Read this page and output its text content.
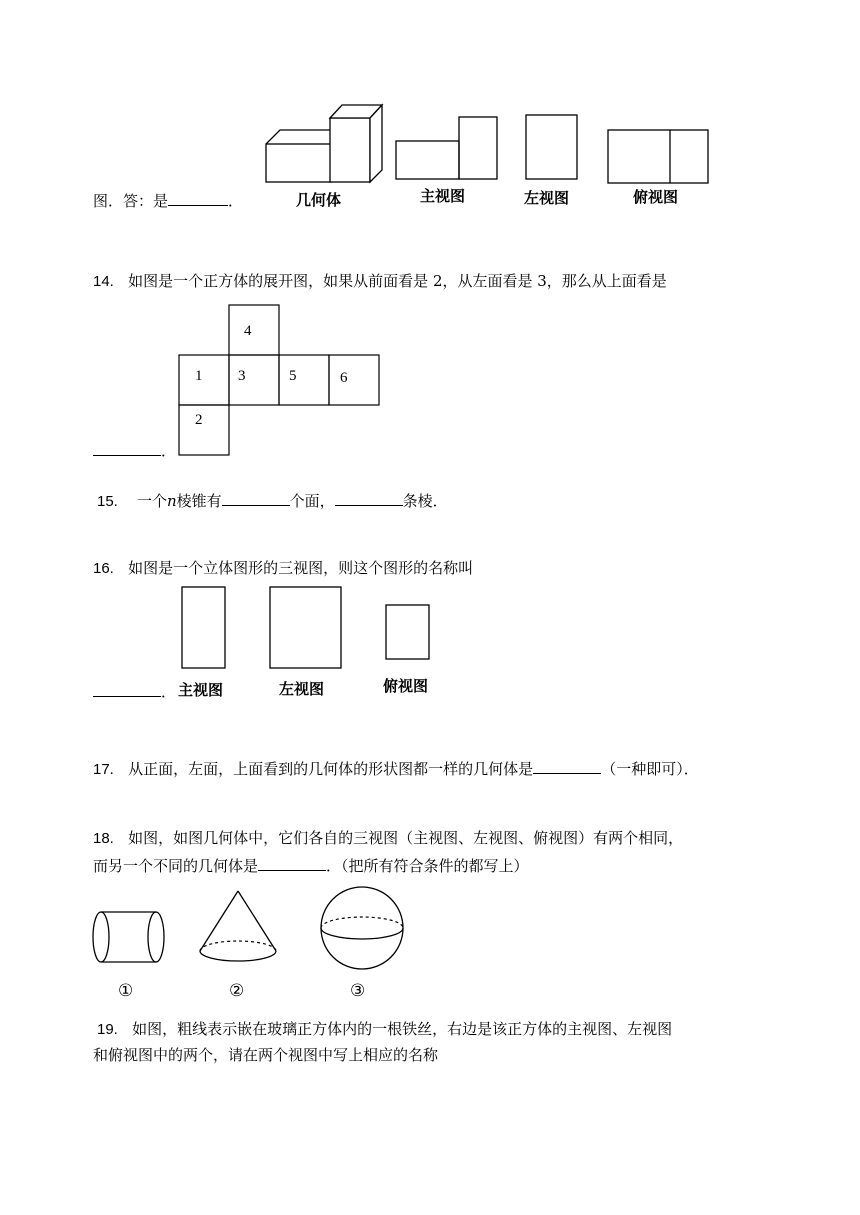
图．答：是	．	几何体	主视图	左视图	俯视图
14. 如图是一个正方体的展开图，如果从前面看是 2，从左面看是 3，那么从上面看是
4
1 3	5	6
2
．
15. 一个n棱锥有	个面，	条棱．
16. 如图是一个立体图形的三视图，则这个图形的名称叫
． 主视图	左视图	俯视图
17. 从正面，左面，上面看到的几何体的形状图都一样的几何体是	（一种即可）．
18. 如图，如图几何体中，它们各自的三视图（主视图、左视图、俯视图）有两个相同，
而另一个不同的几何体是	．（把所有符合条件的都写上）
①	②	③
19. 如图，粗线表示嵌在玻璃正方体内的一根铁丝，右边是该正方体的主视图、左视图
和俯视图中的两个，请在两个视图中写上相应的名称
